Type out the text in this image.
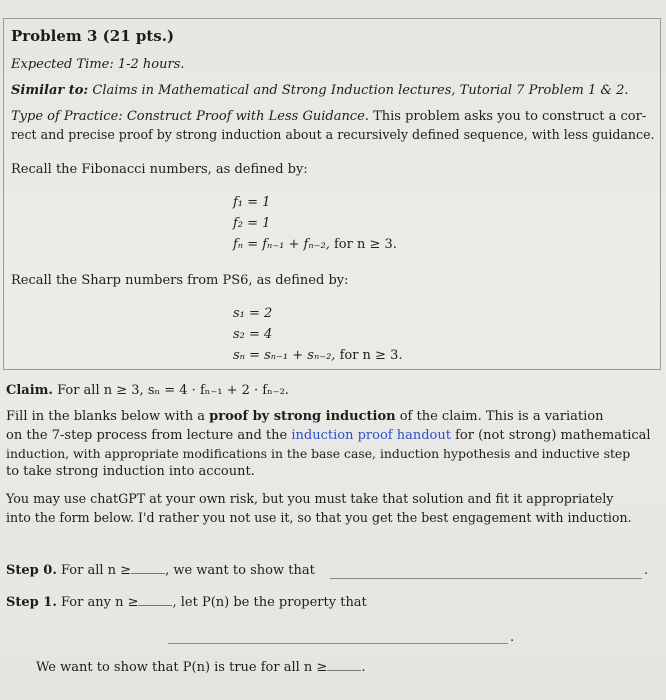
Problem 3 (21 pts.)
Expected Time: 1-2 hours.
Similar to: Claims in Mathematical and Strong Induction lectures, Tutorial 7 Problem 1 & 2.
Type of Practice: Construct Proof with Less Guidance. This problem asks you to construct a cor-
rect and precise proof by strong induction about a recursively defined sequence, with less guidance.
Recall the Fibonacci numbers, as defined by:
f₁ = 1
f₂ = 1
fₙ = fₙ₋₁ + fₙ₋₂, for n ≥ 3.
Recall the Sharp numbers from PS6, as defined by:
s₁ = 2
s₂ = 4
sₙ = sₙ₋₁ + sₙ₋₂, for n ≥ 3.
Claim. For all n ≥ 3, sₙ = 4 · fₙ₋₁ + 2 · fₙ₋₂.
Fill in the blanks below with a proof by strong induction of the claim. This is a variation
on the 7-step process from lecture and the induction proof handout for (not strong) mathematical
induction, with appropriate modifications in the base case, induction hypothesis and inductive step
to take strong induction into account.
You may use chatGPT at your own risk, but you must take that solution and fit it appropriately
into the form below. I'd rather you not use it, so that you get the best engagement with induction.
Step 0. For all n ≥	, we want to show that	.
Step 1. For any n ≥	, let P(n) be the property that
.
We want to show that P(n) is true for all n ≥	.
